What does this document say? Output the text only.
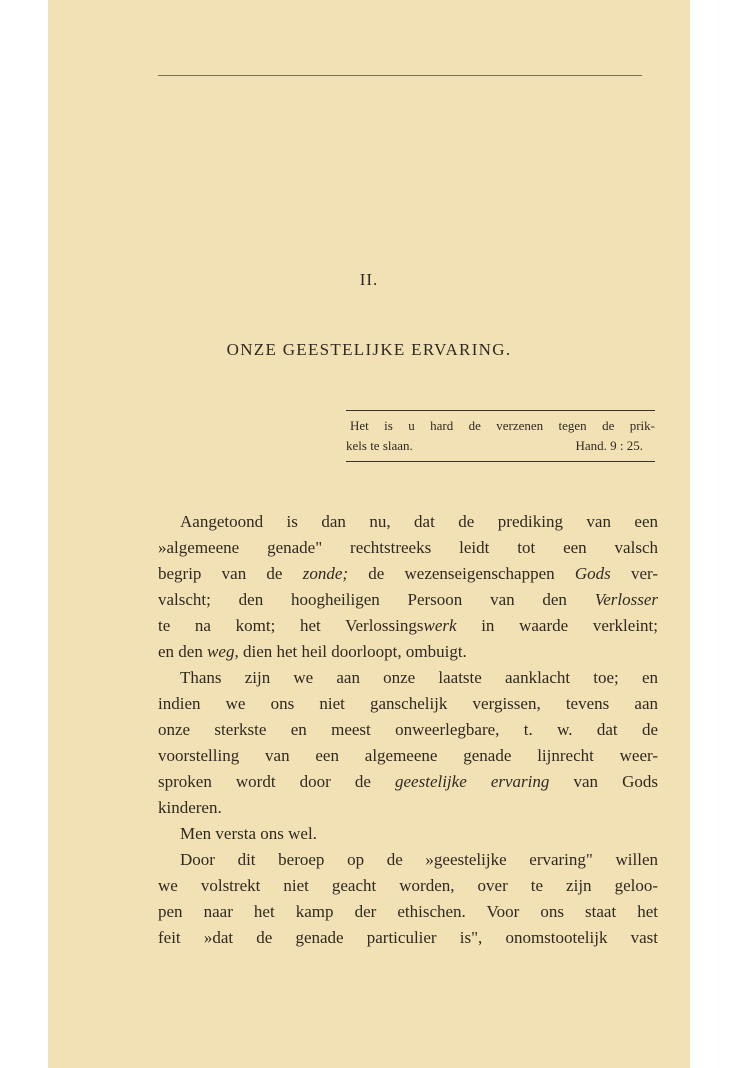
II.
ONZE GEESTELIJKE ERVARING.
Het is u hard de verzenen tegen de prik-
kels te slaan.	Hand. 9 : 25.
Aangetoond is dan nu, dat de prediking van een
»algemeene genade" rechtstreeks leidt tot een valsch
begrip van de zonde; de wezenseigenschappen Gods ver-
valscht; den hoogheiligen Persoon van den Verlosser
te na komt; het Verlossingswerk in waarde verkleint;
en den weg, dien het heil doorloopt, ombuigt.
Thans zijn we aan onze laatste aanklacht toe; en
indien we ons niet ganschelijk vergissen, tevens aan
onze sterkste en meest onweerlegbare, t. w. dat de
voorstelling van een algemeene genade lijnrecht weer-
sproken wordt door de geestelijke ervaring van Gods
kinderen.
Men versta ons wel.
Door dit beroep op de »geestelijke ervaring" willen
we volstrekt niet geacht worden, over te zijn geloo-
pen naar het kamp der ethischen. Voor ons staat het
feit »dat de genade particulier is", onomstootelijk vast
